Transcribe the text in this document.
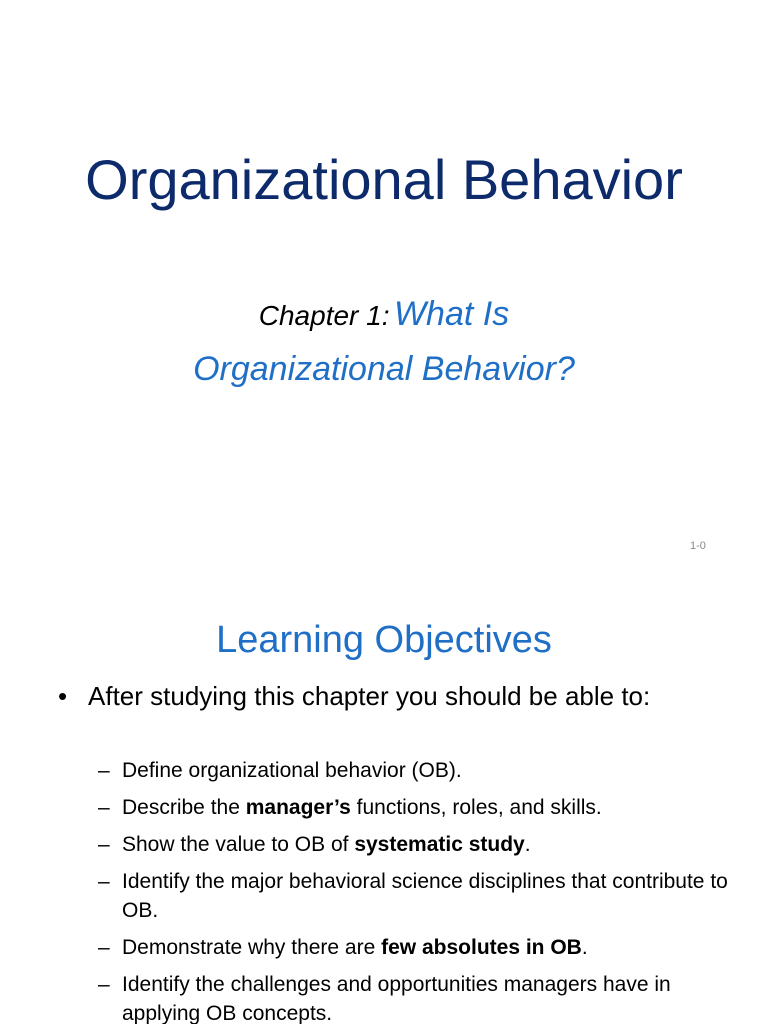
Organizational Behavior
Chapter 1: What Is
Organizational Behavior?
1-0
Learning Objectives
• After studying this chapter you should be able to:
– Define organizational behavior (OB).
– Describe the manager’s functions, roles, and skills.
– Show the value to OB of systematic study.
– Identify the major behavioral science disciplines that contribute to OB.
– Demonstrate why there are few absolutes in OB.
– Identify the challenges and opportunities managers have in applying OB concepts.
